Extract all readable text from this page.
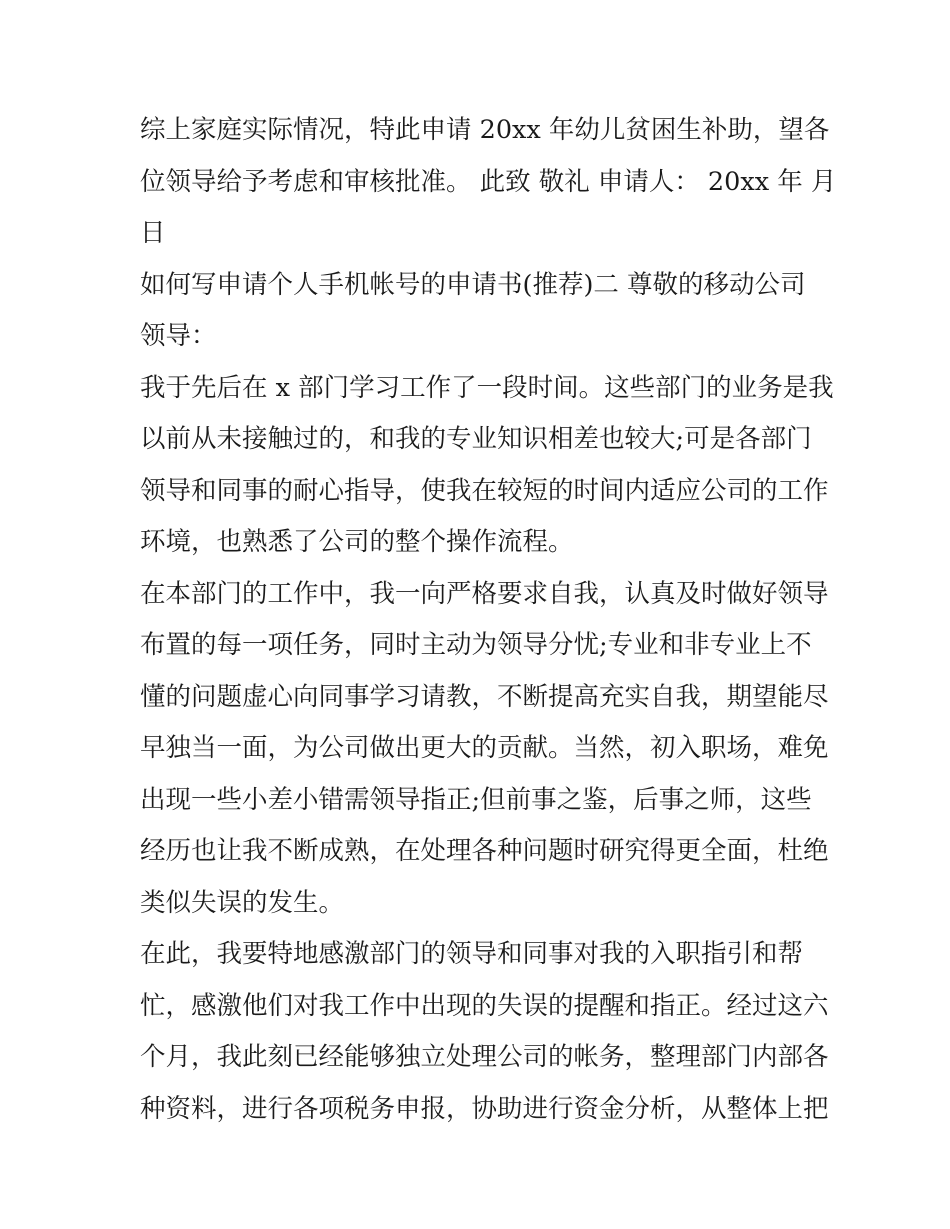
综上家庭实际情况，特此申请 20xx 年幼儿贫困生补助，望各
位领导给予考虑和审核批准。 此致 敬礼 申请人： 20xx 年 月
日
如何写申请个人手机帐号的申请书(推荐)二 尊敬的移动公司
领导：
我于先后在 x 部门学习工作了一段时间。这些部门的业务是我
以前从未接触过的，和我的专业知识相差也较大;可是各部门
领导和同事的耐心指导，使我在较短的时间内适应公司的工作
环境，也熟悉了公司的整个操作流程。
在本部门的工作中，我一向严格要求自我，认真及时做好领导
布置的每一项任务，同时主动为领导分忧;专业和非专业上不
懂的问题虚心向同事学习请教，不断提高充实自我，期望能尽
早独当一面，为公司做出更大的贡献。当然，初入职场，难免
出现一些小差小错需领导指正;但前事之鉴，后事之师，这些
经历也让我不断成熟，在处理各种问题时研究得更全面，杜绝
类似失误的发生。
在此，我要特地感激部门的领导和同事对我的入职指引和帮
忙，感激他们对我工作中出现的失误的提醒和指正。经过这六
个月，我此刻已经能够独立处理公司的帐务，整理部门内部各
种资料，进行各项税务申报，协助进行资金分析，从整体上把
